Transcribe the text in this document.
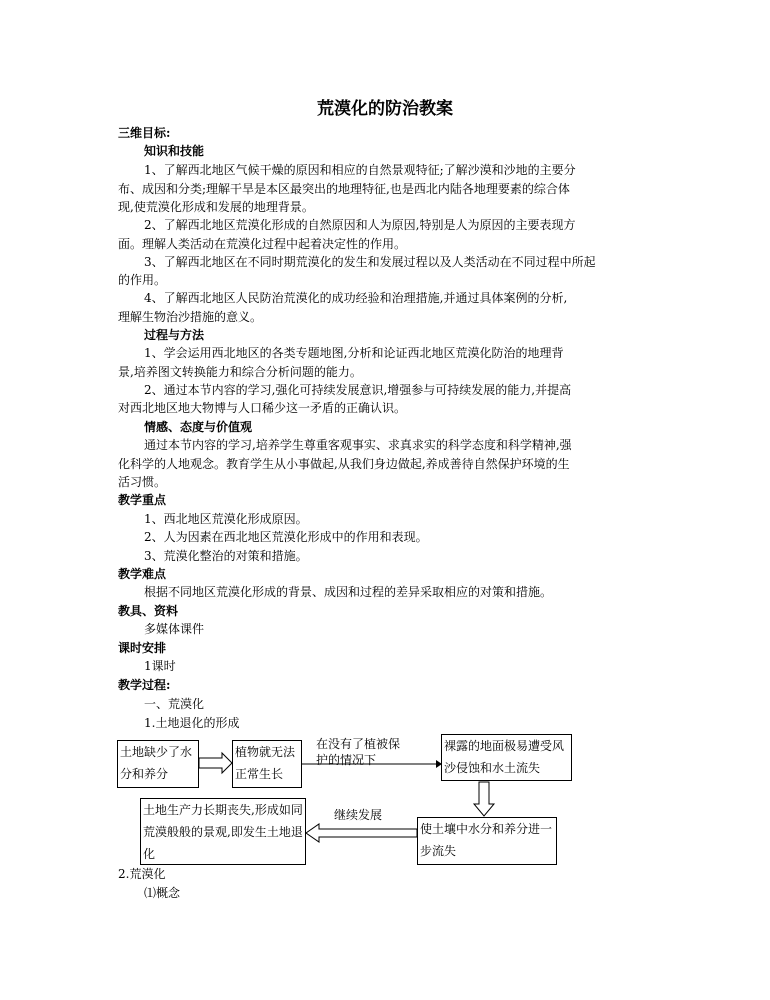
荒漠化的防治教案
三维目标:
知识和技能
1、了解西北地区气候干燥的原因和相应的自然景观特征;了解沙漠和沙地的主要分
布、成因和分类;理解干旱是本区最突出的地理特征,也是西北内陆各地理要素的综合体
现,使荒漠化形成和发展的地理背景。
2、了解西北地区荒漠化形成的自然原因和人为原因,特别是人为原因的主要表现方
面。理解人类活动在荒漠化过程中起着决定性的作用。
3、了解西北地区在不同时期荒漠化的发生和发展过程以及人类活动在不同过程中所起
的作用。
4、了解西北地区人民防治荒漠化的成功经验和治理措施,并通过具体案例的分析,
理解生物治沙措施的意义。
过程与方法
1、学会运用西北地区的各类专题地图,分析和论证西北地区荒漠化防治的地理背
景,培养图文转换能力和综合分析问题的能力。
2、通过本节内容的学习,强化可持续发展意识,增强参与可持续发展的能力,并提高
对西北地区地大物博与人口稀少这一矛盾的正确认识。
情感、态度与价值观
通过本节内容的学习,培养学生尊重客观事实、求真求实的科学态度和科学精神,强
化科学的人地观念。教育学生从小事做起,从我们身边做起,养成善待自然保护环境的生
活习惯。
教学重点
1、西北地区荒漠化形成原因。
2、人为因素在西北地区荒漠化形成中的作用和表现。
3、荒漠化整治的对策和措施。
教学难点
根据不同地区荒漠化形成的背景、成因和过程的差异采取相应的对策和措施。
教具、资料
多媒体课件
课时安排
1课时
教学过程:
一、荒漠化
1.土地退化的形成
土地缺少了水分和养分
植物就无法正常生长
在没有了植被保护的情况下
裸露的地面极易遭受风沙侵蚀和水土流失
使土壤中水分和养分进一步流失
继续发展
土地生产力长期丧失,形成如同荒漠般般的景观,即发生土地退化
2.荒漠化
⑴概念
